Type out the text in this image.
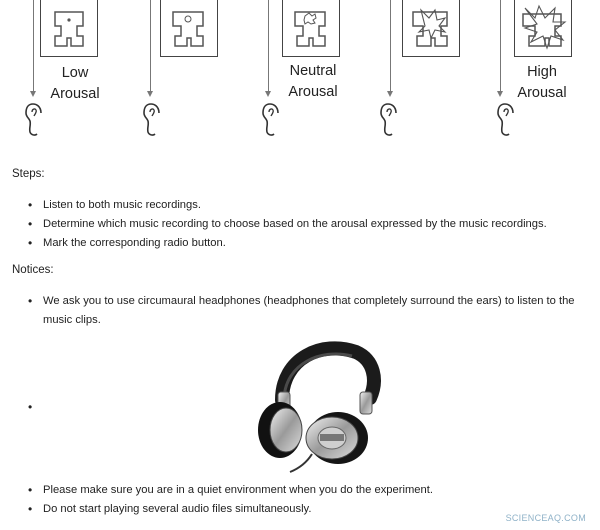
Low
Arousal
Neutral
Arousal
High
Arousal
Steps:
• Listen to both music recordings.
• Determine which music recording to choose based on the arousal expressed by the music recordings.
• Mark the corresponding radio button.
Notices:
• We ask you to use circumaural headphones (headphones that completely surround the ears) to listen to the music clips.
•
• Please make sure you are in a quiet environment when you do the experiment.
• Do not start playing several audio files simultaneously.
SCIENCEAQ.COM
